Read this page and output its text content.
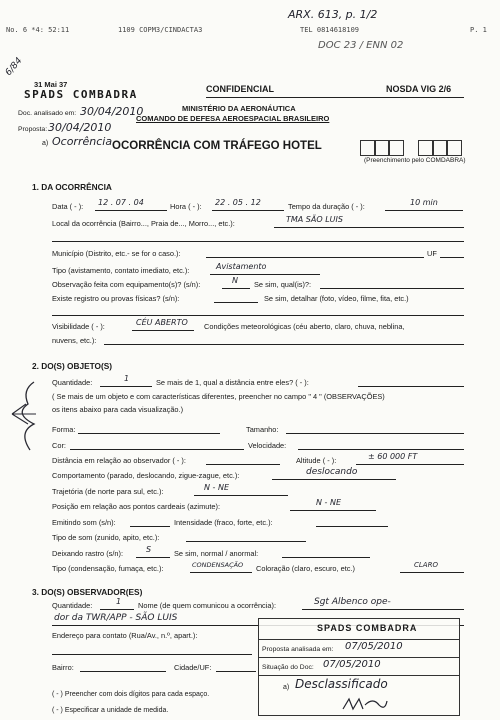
No. 6 *4: 52:11	1109 COPM3/CINDACTA3	TEL 0814618109	P. 1
ARX. 613, p. 1/2
DOC 23 / ENN 02
6/84
31 Mai 37
SPADS COMBADRA
Doc. analisado em: 30/04/2010
Proposta: 30/04/2010
a) Ocorrência
CONFIDENCIAL	NOSDA VIG 2/6
MINISTÉRIO DA AERONÁUTICA
COMANDO DE DEFESA AEROESPACIAL BRASILEIRO
OCORRÊNCIA COM TRÁFEGO HOTEL
(Preenchimento pelo COMDABRA)
1. DA OCORRÊNCIA
Data ( - ): 12 . 07 . 04	Hora ( - ): 22 . 05 . 12	Tempo da duração ( - ):	10 min
Local da ocorrência (Bairro..., Praia de..., Morro..., etc.):	TMA SÃO LUIS
Município (Distrito, etc.- se for o caso.):	UF
Tipo (avistamento, contato imediato, etc.):	Avistamento
Observação feita com equipamento(s)? (s/n):	N Se sim, qual(is)?:
Existe registro ou provas físicas? (s/n):	Se sim, detalhar (foto, vídeo, filme, fita, etc.)
Visibilidade ( - ):	CÉU ABERTO Condições meteorológicas (céu aberto, claro, chuva, neblina,
nuvens, etc.):
2. DO(S) OBJETO(S)
Quantidade:	1	Se mais de 1, qual a distância entre eles? ( - ):
( Se mais de um objeto e com características diferentes, preencher no campo " 4 " (OBSERVAÇÕES)
os itens abaixo para cada visualização.)
Forma:	Tamanho:
Cor:	Velocidade:
Distância em relação ao observador ( - ):	Altitude ( - ):	± 60 000 FT
Comportamento (parado, deslocando, zigue-zague, etc.):	deslocando
Trajetória (de norte para sul, etc.):	N - NE
Posição em relação aos pontos cardeais (azimute):	N - NE
Emitindo som (s/n):	Intensidade (fraco, forte, etc.):
Tipo de som (zunido, apito, etc.):
Deixando rastro (s/n):	S	Se sim, normal / anormal:
Tipo (condensação, fumaça, etc.):	CONDENSAÇÃO Coloração (claro, escuro, etc.)	CLARO
3. DO(S) OBSERVADOR(ES)
Quantidade:	1 Nome (de quem comunicou a ocorrência):	Sgt Albenco ope-
dor da TWR/APP - SÃO LUIS
Endereço para contato (Rua/Av., n.º, apart.):
Bairro:	Cidade/UF:
( - ) Preencher com dois dígitos para cada espaço.
( - ) Especificar a unidade de medida.
SPADS COMBADRA
Proposta analisada em: 07/05/2010
Situação do Doc: 07/05/2010
a) Desclassificado
